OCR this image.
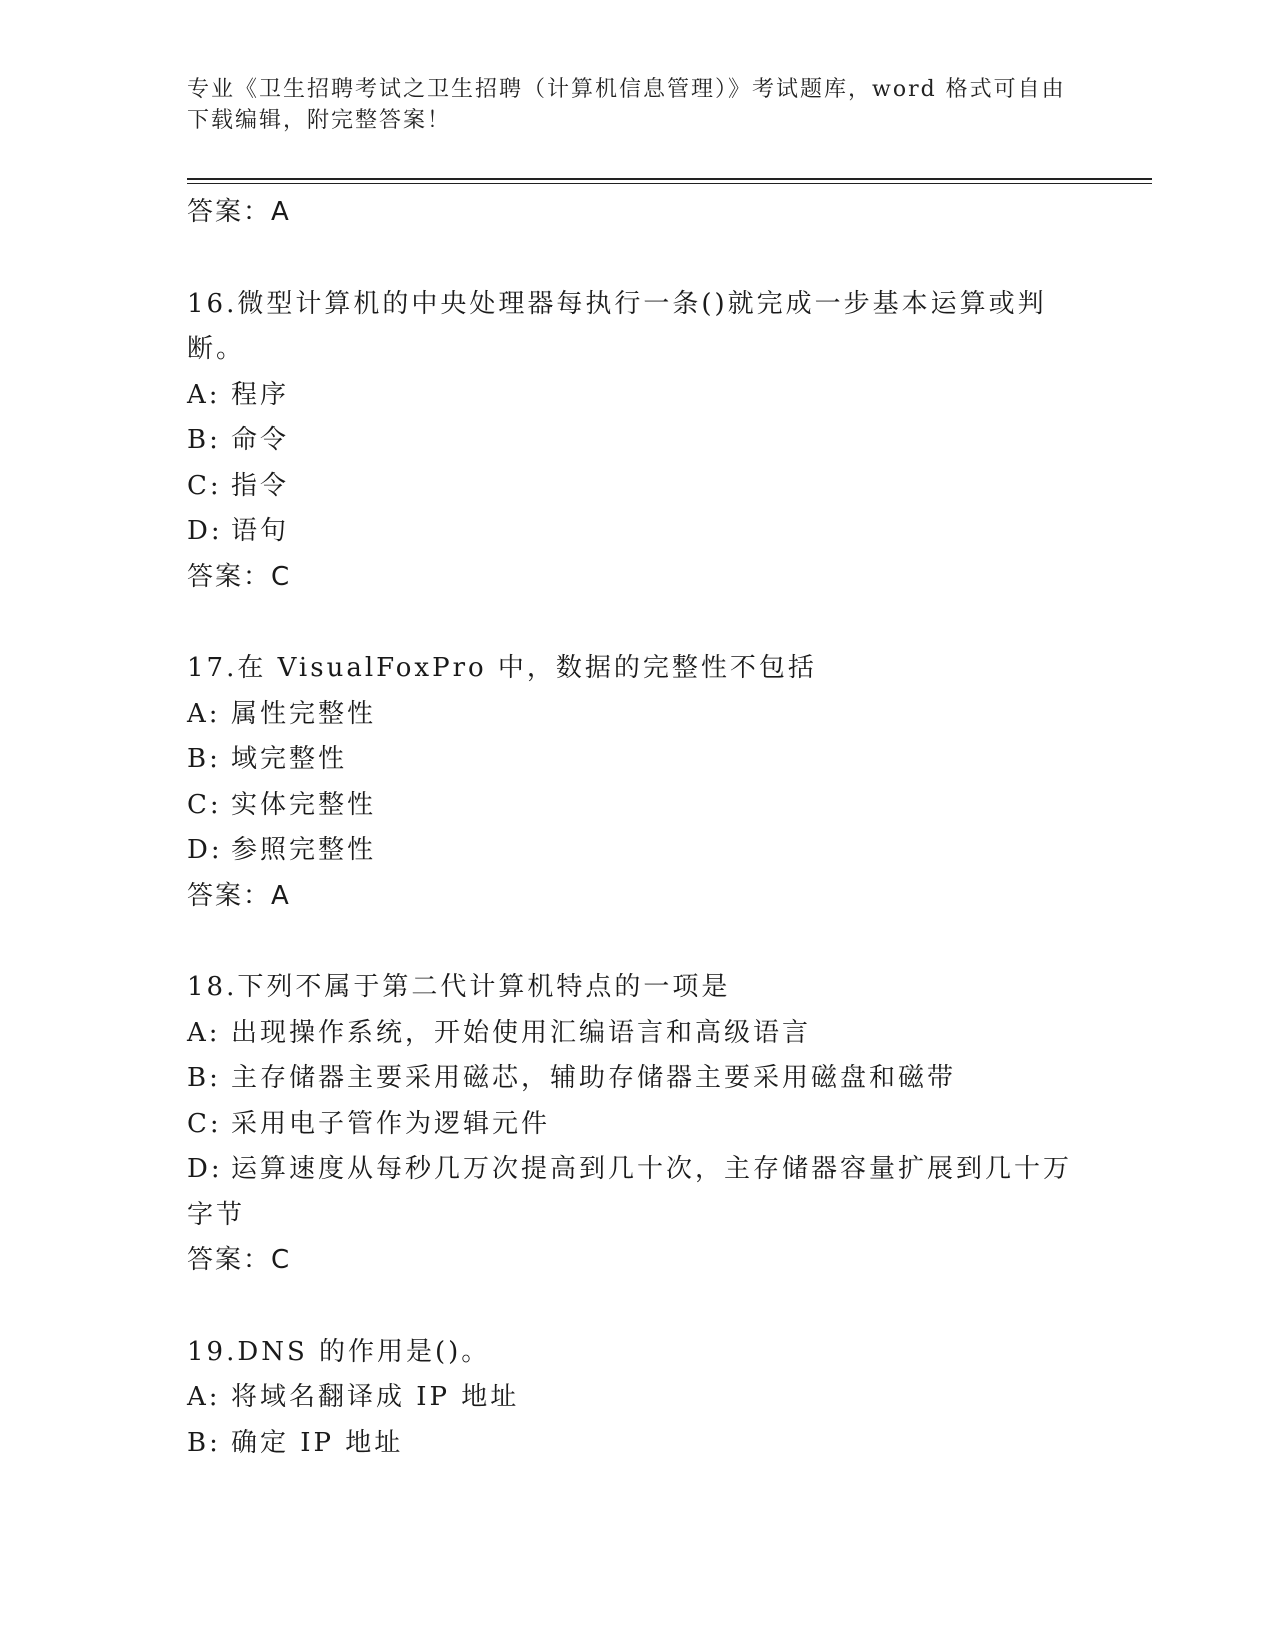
专业《卫生招聘考试之卫生招聘（计算机信息管理）》考试题库，word 格式可自由下载编辑，附完整答案！
答案：A
16.微型计算机的中央处理器每执行一条()就完成一步基本运算或判断。
A: 程序
B: 命令
C: 指令
D: 语句
答案：C
17.在 VisualFoxPro 中，数据的完整性不包括
A: 属性完整性
B: 域完整性
C: 实体完整性
D: 参照完整性
答案：A
18.下列不属于第二代计算机特点的一项是
A: 出现操作系统，开始使用汇编语言和高级语言
B: 主存储器主要采用磁芯，辅助存储器主要采用磁盘和磁带
C: 采用电子管作为逻辑元件
D: 运算速度从每秒几万次提高到几十次，主存储器容量扩展到几十万字节
答案：C
19.DNS 的作用是()。
A: 将域名翻译成 IP 地址
B: 确定 IP 地址
